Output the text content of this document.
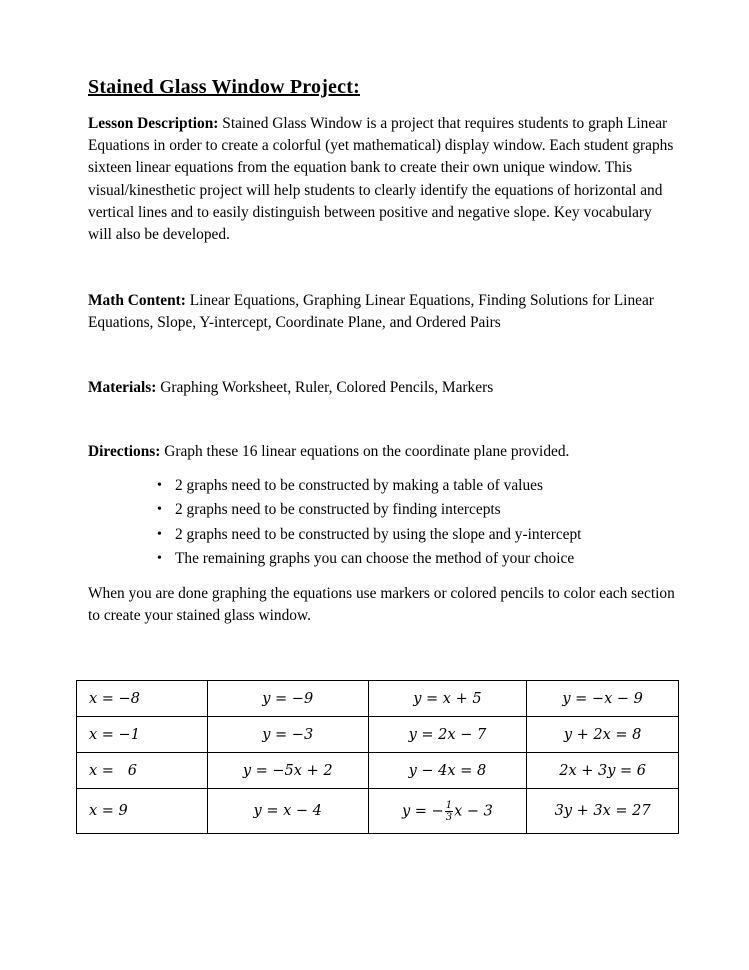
Stained Glass Window Project:

Lesson Description: Stained Glass Window is a project that requires students to graph Linear Equations in order to create a colorful (yet mathematical) display window. Each student graphs sixteen linear equations from the equation bank to create their own unique window. This visual/kinesthetic project will help students to clearly identify the equations of horizontal and vertical lines and to easily distinguish between positive and negative slope. Key vocabulary will also be developed.

Math Content: Linear Equations, Graphing Linear Equations, Finding Solutions for Linear Equations, Slope, Y-intercept, Coordinate Plane, and Ordered Pairs

Materials: Graphing Worksheet, Ruler, Colored Pencils, Markers

Directions: Graph these 16 linear equations on the coordinate plane provided.

• 2 graphs need to be constructed by making a table of values
• 2 graphs need to be constructed by finding intercepts
• 2 graphs need to be constructed by using the slope and y-intercept
• The remaining graphs you can choose the method of your choice

When you are done graphing the equations use markers or colored pencils to color each section to create your stained glass window.

x = −8	y = −9	y = x + 5	y = −x − 9
x = −1	y = −3	y = 2x − 7	y + 2x = 8
x =   6	y = −5x + 2	y − 4x = 8	2x + 3y = 6
x = 9	y = x − 4	y = − $\frac{1}{3}$ x − 3	3y + 3x = 27
